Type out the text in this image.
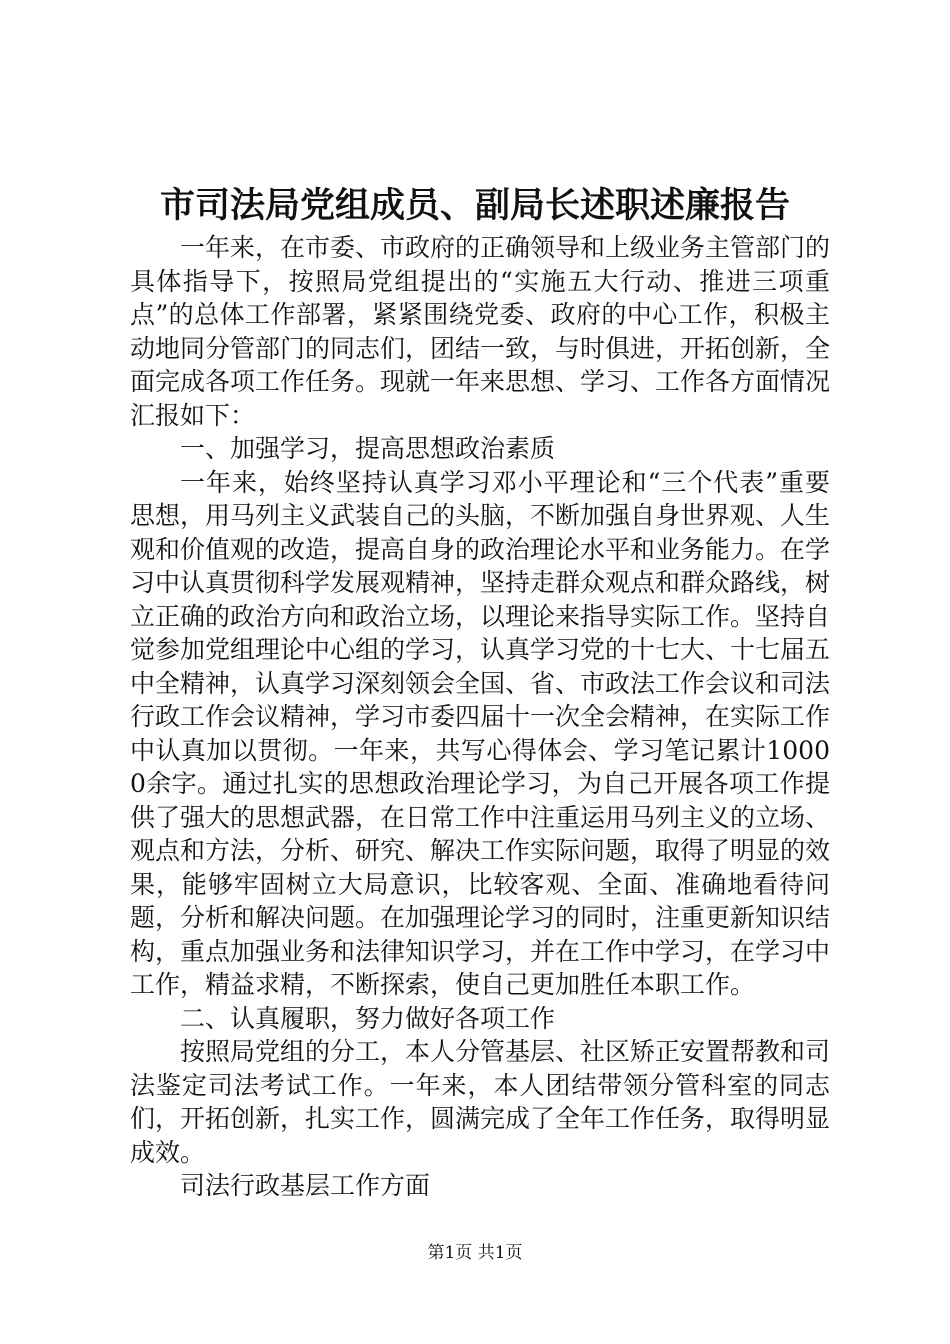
市司法局党组成员、副局长述职述廉报告

一年来，在市委、市政府的正确领导和上级业务主管部门的具体指导下，按照局党组提出的“实施五大行动、推进三项重点”的总体工作部署，紧紧围绕党委、政府的中心工作，积极主动地同分管部门的同志们，团结一致，与时俱进，开拓创新，全面完成各项工作任务。现就一年来思想、学习、工作各方面情况汇报如下：

一、加强学习，提高思想政治素质

一年来，始终坚持认真学习邓小平理论和“三个代表”重要思想，用马列主义武装自己的头脑，不断加强自身世界观、人生观和价值观的改造，提高自身的政治理论水平和业务能力。在学习中认真贯彻科学发展观精神，坚持走群众观点和群众路线，树立正确的政治方向和政治立场，以理论来指导实际工作。坚持自觉参加党组理论中心组的学习，认真学习党的十七大、十七届五中全精神，认真学习深刻领会全国、省、市政法工作会议和司法行政工作会议精神，学习市委四届十一次全会精神，在实际工作中认真加以贯彻。一年来，共写心得体会、学习笔记累计10000余字。通过扎实的思想政治理论学习，为自己开展各项工作提供了强大的思想武器，在日常工作中注重运用马列主义的立场、观点和方法，分析、研究、解决工作实际问题，取得了明显的效果，能够牢固树立大局意识，比较客观、全面、准确地看待问题，分析和解决问题。在加强理论学习的同时，注重更新知识结构，重点加强业务和法律知识学习，并在工作中学习，在学习中工作，精益求精，不断探索，使自己更加胜任本职工作。

二、认真履职，努力做好各项工作

按照局党组的分工，本人分管基层、社区矫正安置帮教和司法鉴定司法考试工作。一年来，本人团结带领分管科室的同志们，开拓创新，扎实工作，圆满完成了全年工作任务，取得明显成效。

司法行政基层工作方面

第1页 共1页
